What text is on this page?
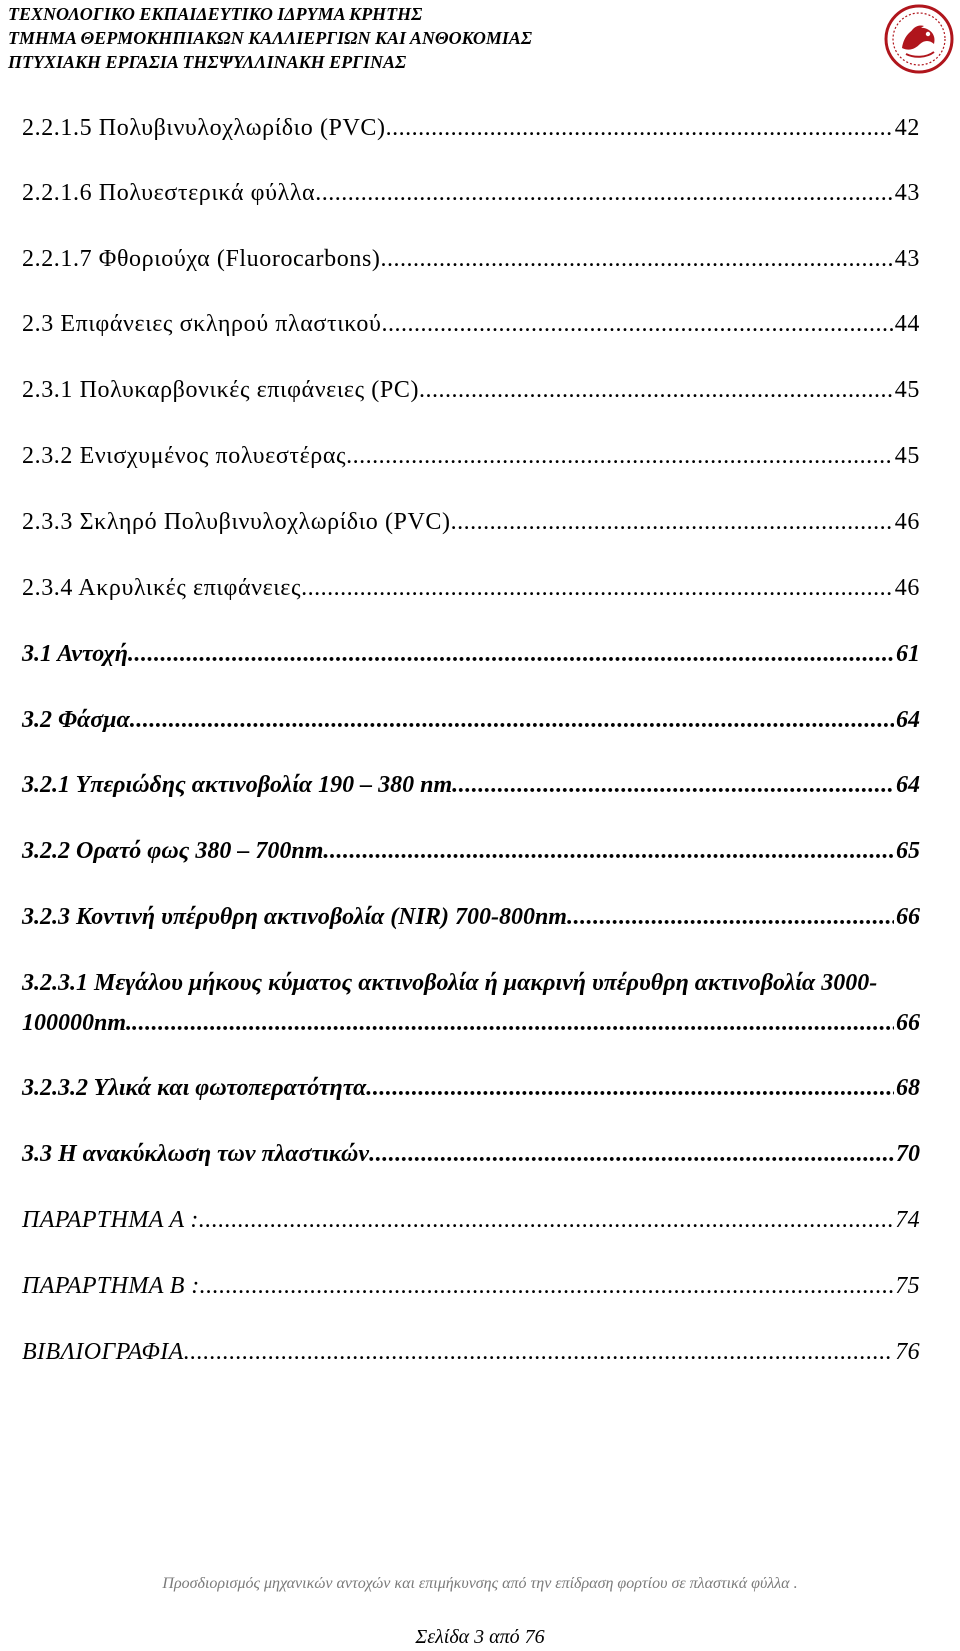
ΤΕΧΝΟΛΟΓΙΚΟ ΕΚΠΑΙΔΕΥΤΙΚΟ ΙΔΡΥΜΑ ΚΡΗΤΗΣ
ΤΜΗΜΑ ΘΕΡΜΟΚΗΠΙΑΚΩΝ ΚΑΛΛΙΕΡΓΙΩΝ ΚΑΙ ΑΝΘΟΚΟΜΙΑΣ
ΠΤΥΧΙΑΚΗ ΕΡΓΑΣΙΑ ΤΗΣΨΥΛΛΙΝΑΚΗ ΕΡΓΙΝΑΣ
2.2.1.5 Πολυβινυλοχλωρίδιο (PVC) .....	42
2.2.1.6 Πολυεστερικά φύλλα .....	43
2.2.1.7 Φθοριούχα (Fluorocarbons) .....	43
2.3 Επιφάνειες σκληρού πλαστικού .....	44
2.3.1 Πολυκαρβονικές επιφάνειες (PC) .....	45
2.3.2 Ενισχυμένος πολυεστέρας .....	45
2.3.3 Σκληρό Πολυβινυλοχλωρίδιο (PVC) .....	46
2.3.4 Ακρυλικές επιφάνειες .....	46
3.1 Αντοχή .....	61
3.2 Φάσμα .....	64
3.2.1 Υπεριώδης ακτινοβολία 190 – 380 nm .....	64
3.2.2 Ορατό φως 380 – 700nm .....	65
3.2.3 Κοντινή υπέρυθρη ακτινοβολία (NIR) 700-800nm .....	66
3.2.3.1 Μεγάλου μήκους κύματος ακτινοβολία ή μακρινή υπέρυθρη ακτινοβολία 3000-
100000nm. .....	66
3.2.3.2 Υλικά και φωτοπερατότητα .....	68
3.3 Η ανακύκλωση των πλαστικών .....	70
ΠΑΡΑΡΤΗΜΑ Α : .....	74
ΠΑΡΑΡΤΗΜΑ Β : .....	75
ΒΙΒΛΙΟΓΡΑΦΙΑ .....	76
Προσδιορισμός μηχανικών αντοχών και επιμήκυνσης από την επίδραση φορτίου σε πλαστικά φύλλα .
Σελίδα 3 από 76
